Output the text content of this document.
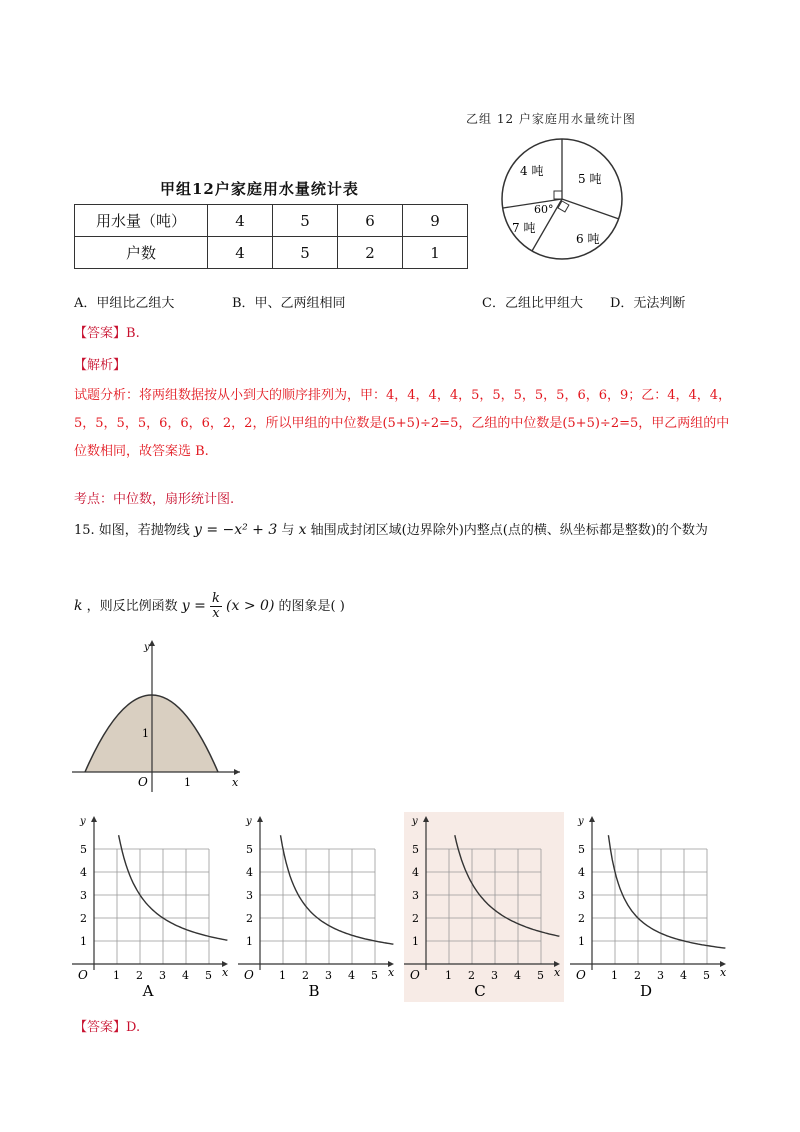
甲组12户家庭用水量统计表
用水量（吨）	4	5	6	9
户数	4	5	2	1
乙组 12 户家庭用水量统计图
4 吨
5 吨
6 吨
7 吨
60°
A．甲组比乙组大	B．甲、乙两组相同	C．乙组比甲组大 D．无法判断
【答案】B.
【解析】
试题分析：将两组数据按从小到大的顺序排列为，甲：4，4，4，4，5，5，5，5，5，6，6，9；乙：4，4，4，5，5，5，5，6，6，6，2，2，所以甲组的中位数是(5+5)÷2=5，乙组的中位数是(5+5)÷2=5，甲乙两组的中位数相同，故答案选 B.
考点：中位数，扇形统计图.
15. 如图，若抛物线 y = −x² + 3 与 x 轴围成封闭区域(边界除外)内整点(点的横、纵坐标都是整数)的个数为
k ，则反比例函数 $y = \frac{k}{x} (x > 0)$ 的图象是( )
y
x
O	1
1
y
x
O 1
1
2
2
3
3
4
4
5
5
A
y
x
O 1
1
2
2
3
3
4
4
5
5
B
y
x
O 1
1
2
2
3
3
4
4
5
5
C
y
x
O 1
1
2
2
3
3
4
4
5
5
D
【答案】D.
